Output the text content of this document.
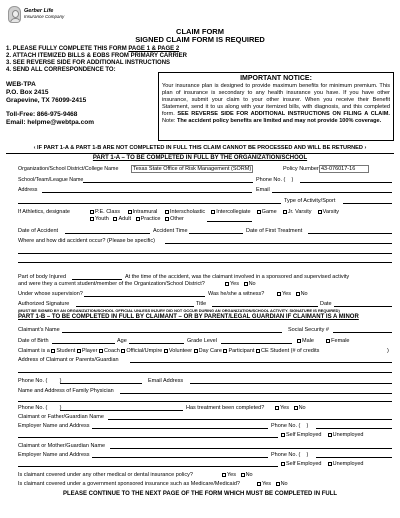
Gerber Life
Insurance Company
CLAIM FORM
SIGNED CLAIM FORM IS REQUIRED
1. PLEASE FULLY COMPLETE THIS FORM PAGE 1 & PAGE 2
2. ATTACH ITEMIZED BILLS & EOBS FROM PRIMARY CARRIER
3. SEE REVERSE SIDE FOR ADDITIONAL INSTRUCTIONS
4. SEND ALL CORRESPONDENCE TO:
WEB-TPA
P.O. Box 2415
Grapevine, TX 76099-2415
Toll-Free: 866-975-9468
Email: helpme@webtpa.com
IMPORTANT NOTICE:
Your insurance plan is designed to provide maximum benefits for minimum premium. This plan of insurance is secondary to any health insurance you have. If you have other insurance, submit your claim to your other insurer. When you receive their Benefit Statement, send it to us along with your itemized bills, with diagnosis, and this completed form. SEE REVERSE SIDE FOR ADDITIONAL INSTRUCTIONS ON FILING A CLAIM. Note: The accident policy benefits are limited and may not provide 100% coverage.
‹ IF PART 1-A & PART 1-B ARE NOT COMPLETED IN FULL THIS CLAIM CANNOT BE PROCESSED AND WILL BE RETURNED ›
PART 1-A – TO BE COMPLETED IN FULL BY THE ORGANIZATION/SCHOOL
Organization/School District/College Name	Texas State Office of Risk Management (SORM)	Policy Number 43-076017-16
School/Team/League Name	Phone No. ( )
Address	Email
Type of Activity/Sport
If Athletics, designate	P.E. Class Intramural Interscholastic Intercollegiate Game Jr. Varsity Varsity
Youth Adult Practice Other
Date of Accident	Accident Time	Date of First Treatment
Where and how did accident occur? (Please be specific)
Part of body Injured	At the time of the accident, was the claimant involved in a sponsored and supervised activity
and were they a current student/member of the Organization/School District?	Yes No
Under whose supervision?	Was he/she a witness?	Yes No
Authorized Signature	Title	Date
(MUST BE SIGNED BY AN ORGANIZATION/SCHOOL OFFICIAL UNLESS INJURY DID NOT OCCUR DURING AN ORGANIZATION/SCHOOL ACTIVITY. SIGNATURE IS REQUIRED)
PART 1-B – TO BE COMPLETED IN FULL BY CLAIMANT – OR BY PARENT/LEGAL GUARDIAN IF CLAIMANT IS A MINOR
Claimant's Name	Social Security #
Date of Birth	Age	Grade Level	Male	Female
Claimant is a Student Player Coach Official/Umpire Volunteer Day Care Participant CE Student (# of credits	)
Address of Claimant or Parents/Guardian
Phone No. ( )	Email Address
Name and Address of Family Physician
Phone No. ( )	Has treatment been completed?	Yes No
Claimant or Father/Guardian Name
Employer Name and Address	Phone No. ( )
Self Employed Unemployed
Claimant or Mother/Guardian Name
Employer Name and Address	Phone No. ( )
Self Employed Unemployed
Is claimant covered under any other medical or dental insurance policy?	Yes No
Is claimant covered under a government sponsored insurance such as Medicare/Medicaid?	Yes No
PLEASE CONTINUE TO THE NEXT PAGE OF THE FORM WHICH MUST BE COMPLETED IN FULL
